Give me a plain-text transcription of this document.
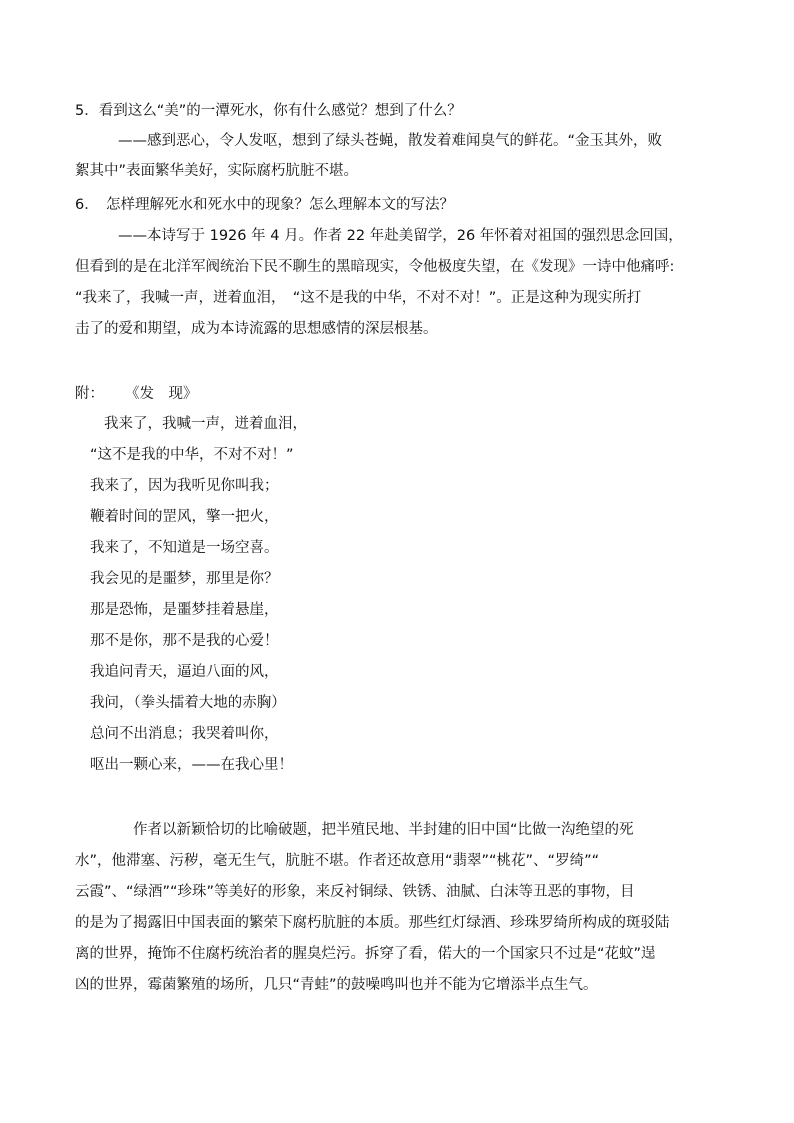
5．看到这么“美”的一潭死水，你有什么感觉？想到了什么？
——感到恶心，令人发呕，想到了绿头苍蝇，散发着难闻臭气的鲜花。“金玉其外，败
絮其中”表面繁华美好，实际腐朽肮脏不堪。
6．　怎样理解死水和死水中的现象？怎么理解本文的写法？
——本诗写于 1926 年 4 月。作者 22 年赴美留学，26 年怀着对祖国的强烈思念回国，
但看到的是在北洋军阀统治下民不聊生的黑暗现实，令他极度失望，在《发现》一诗中他痛呼:
“我来了，我喊一声，迸着血泪，　“这不是我的中华，不对不对！”。正是这种为现实所打
击了的爱和期望，成为本诗流露的思想感情的深层根基。
附： 《发　现》
我来了，我喊一声，迸着血泪，
“这不是我的中华，不对不对！”
我来了，因为我听见你叫我；
鞭着时间的罡风，擎一把火，
我来了，不知道是一场空喜。
我会见的是噩梦，那里是你？
那是恐怖，是噩梦挂着悬崖，
那不是你，那不是我的心爱！
我追问青天，逼迫八面的风，
我问，（拳头擂着大地的赤胸）
总问不出消息；我哭着叫你，
呕出一颗心来，——在我心里！
作者以新颖恰切的比喻破题，把半殖民地、半封建的旧中国“比做一沟绝望的死
水”，他滞塞、污秽，毫无生气，肮脏不堪。作者还故意用“翡翠”“桃花”、“罗绮”“
云霞”、“绿酒”“珍珠”等美好的形象，来反衬铜绿、铁锈、油腻、白沫等丑恶的事物，目
的是为了揭露旧中国表面的繁荣下腐朽肮脏的本质。那些红灯绿酒、珍珠罗绮所构成的斑驳陆
离的世界，掩饰不住腐朽统治者的腥臭烂污。拆穿了看，偌大的一个国家只不过是“花蚊”逞
凶的世界，霉菌繁殖的场所，几只“青蛙”的鼓噪鸣叫也并不能为它增添半点生气。
